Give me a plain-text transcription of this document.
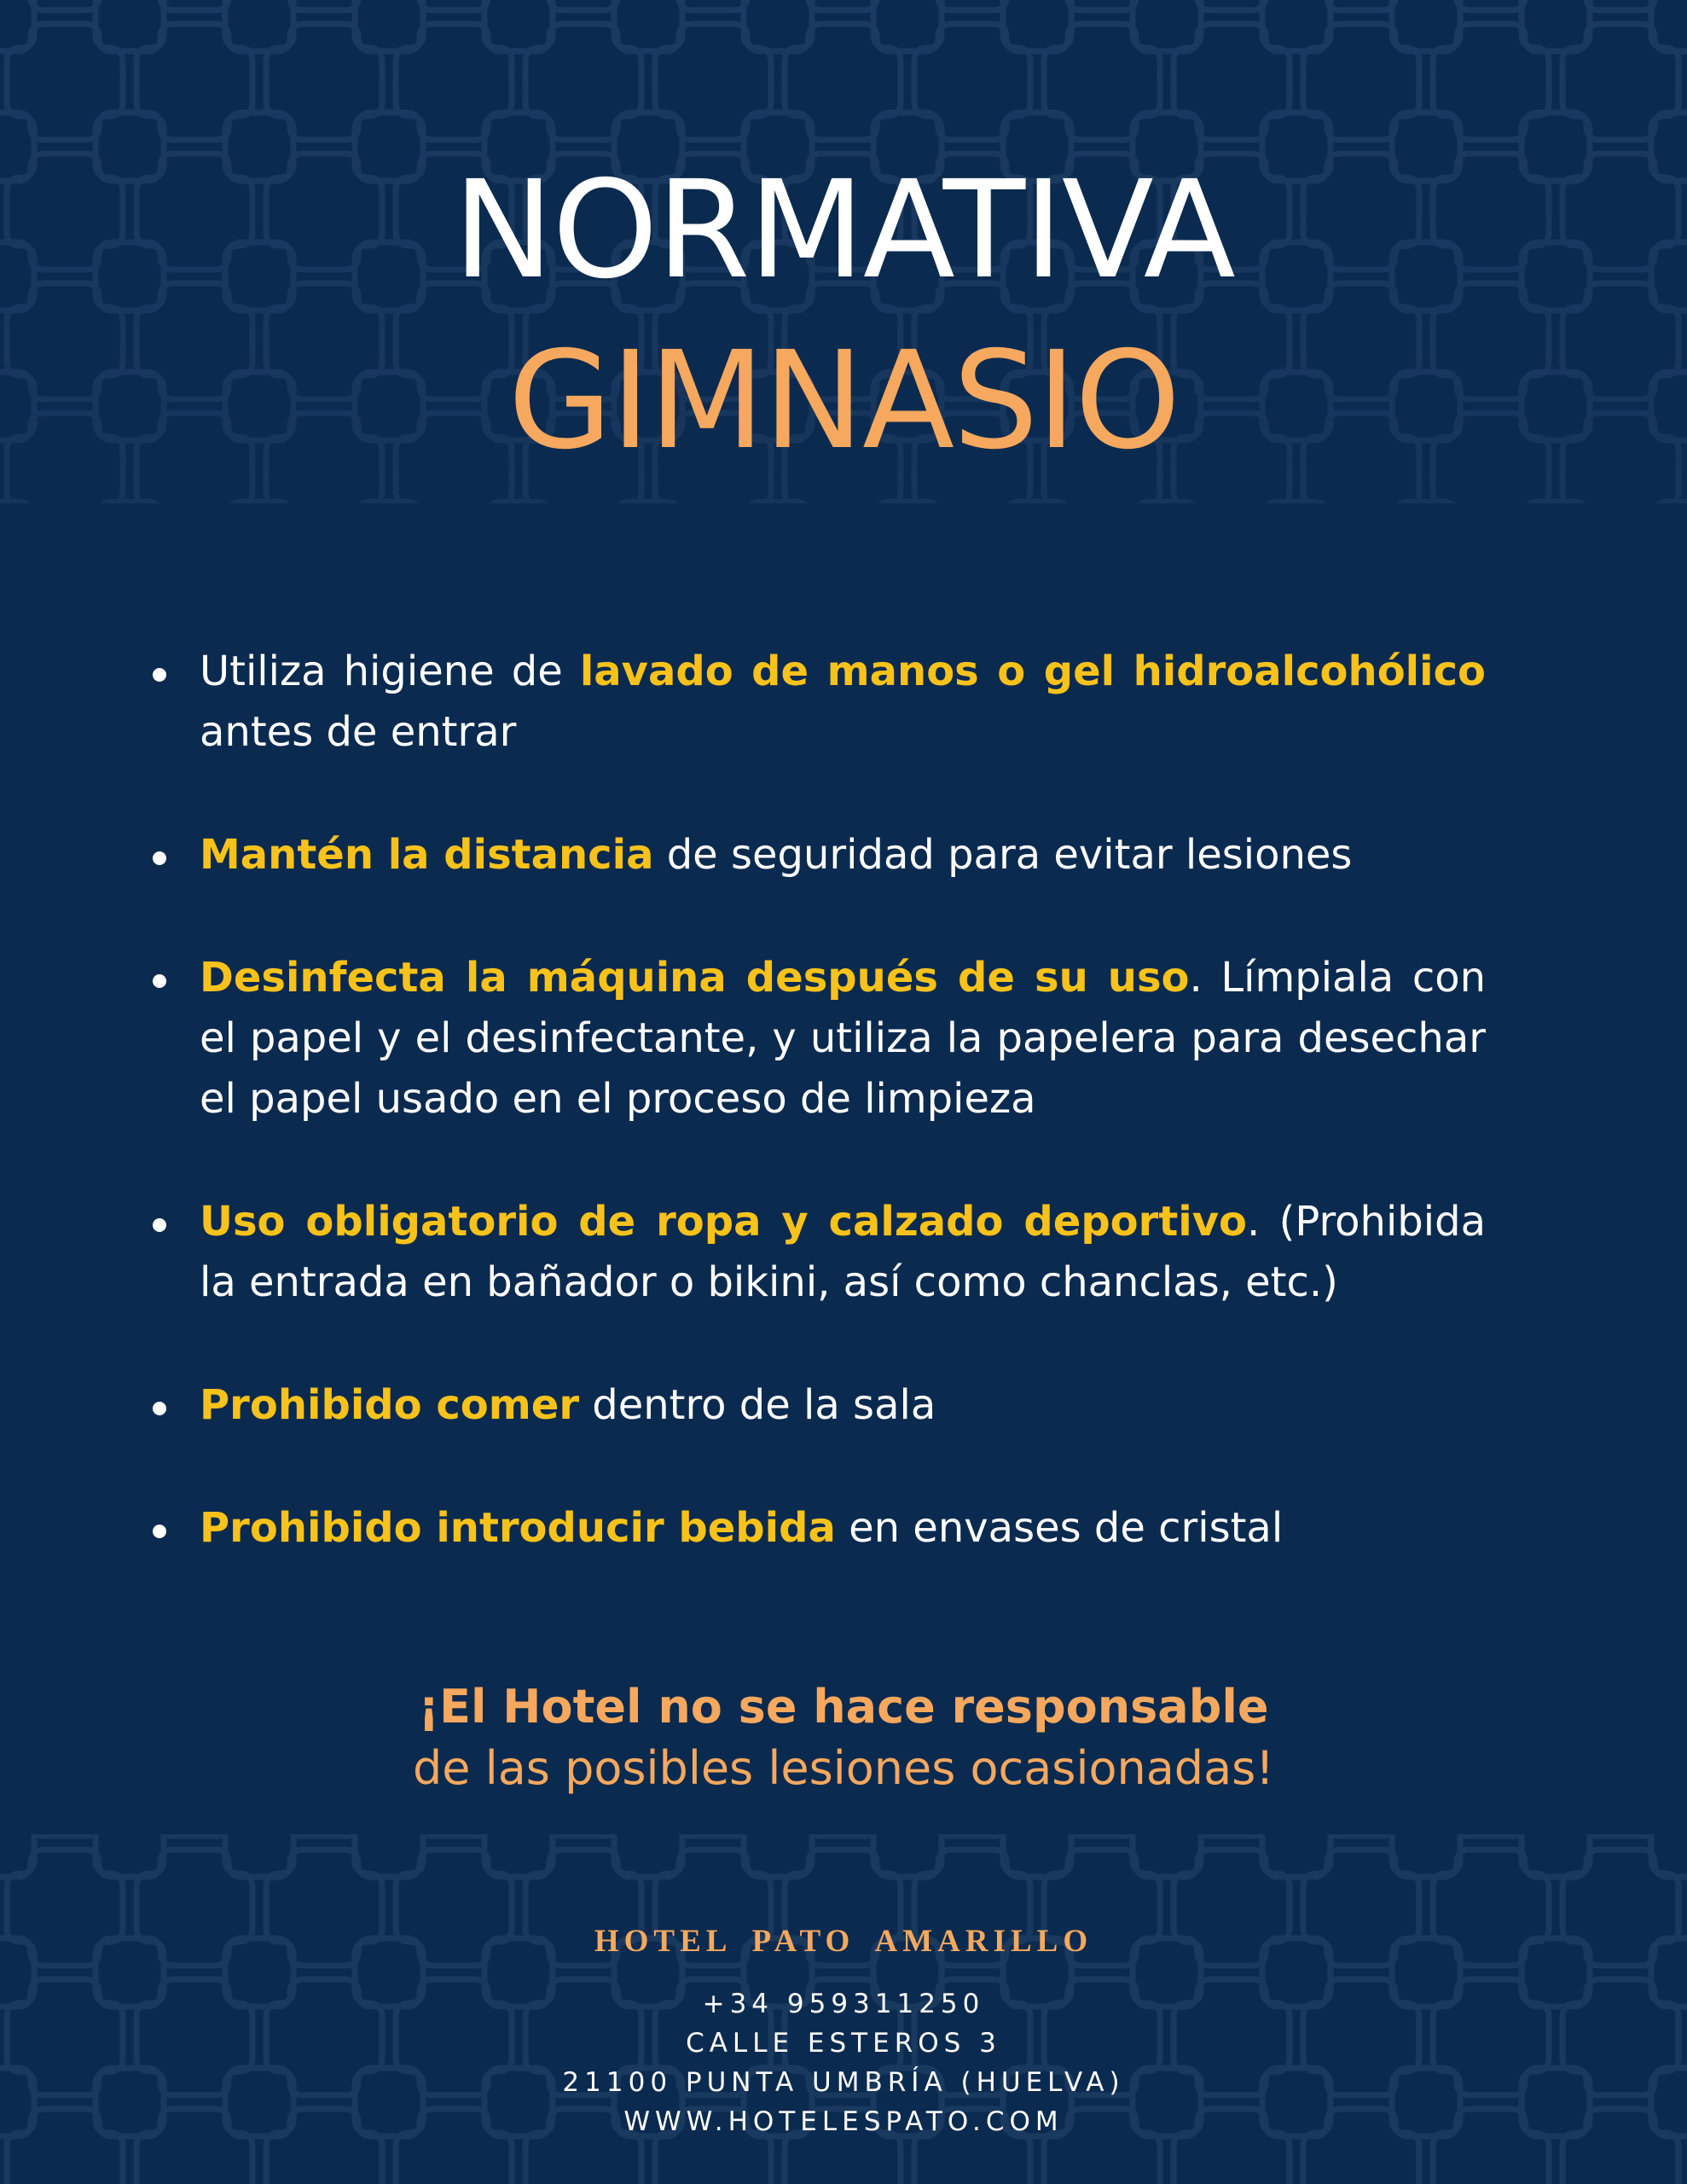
NORMATIVA
GIMNASIO
Utiliza higiene de lavado de manos o gel hidroalcohólico antes de entrar
Mantén la distancia de seguridad para evitar lesiones
Desinfecta la máquina después de su uso. Límpiala con el papel y el desinfectante, y utiliza la papelera para desechar el papel usado en el proceso de limpieza
Uso obligatorio de ropa y calzado deportivo. (Prohibida la entrada en bañador o bikini, así como chanclas, etc.)
Prohibido comer dentro de la sala
Prohibido introducir bebida en envases de cristal
¡El Hotel no se hace responsable
de las posibles lesiones ocasionadas!
HOTEL PATO AMARILLO
+34 959311250
CALLE ESTEROS 3
21100 PUNTA UMBRÍA (HUELVA)
WWW.HOTELESPATO.COM
